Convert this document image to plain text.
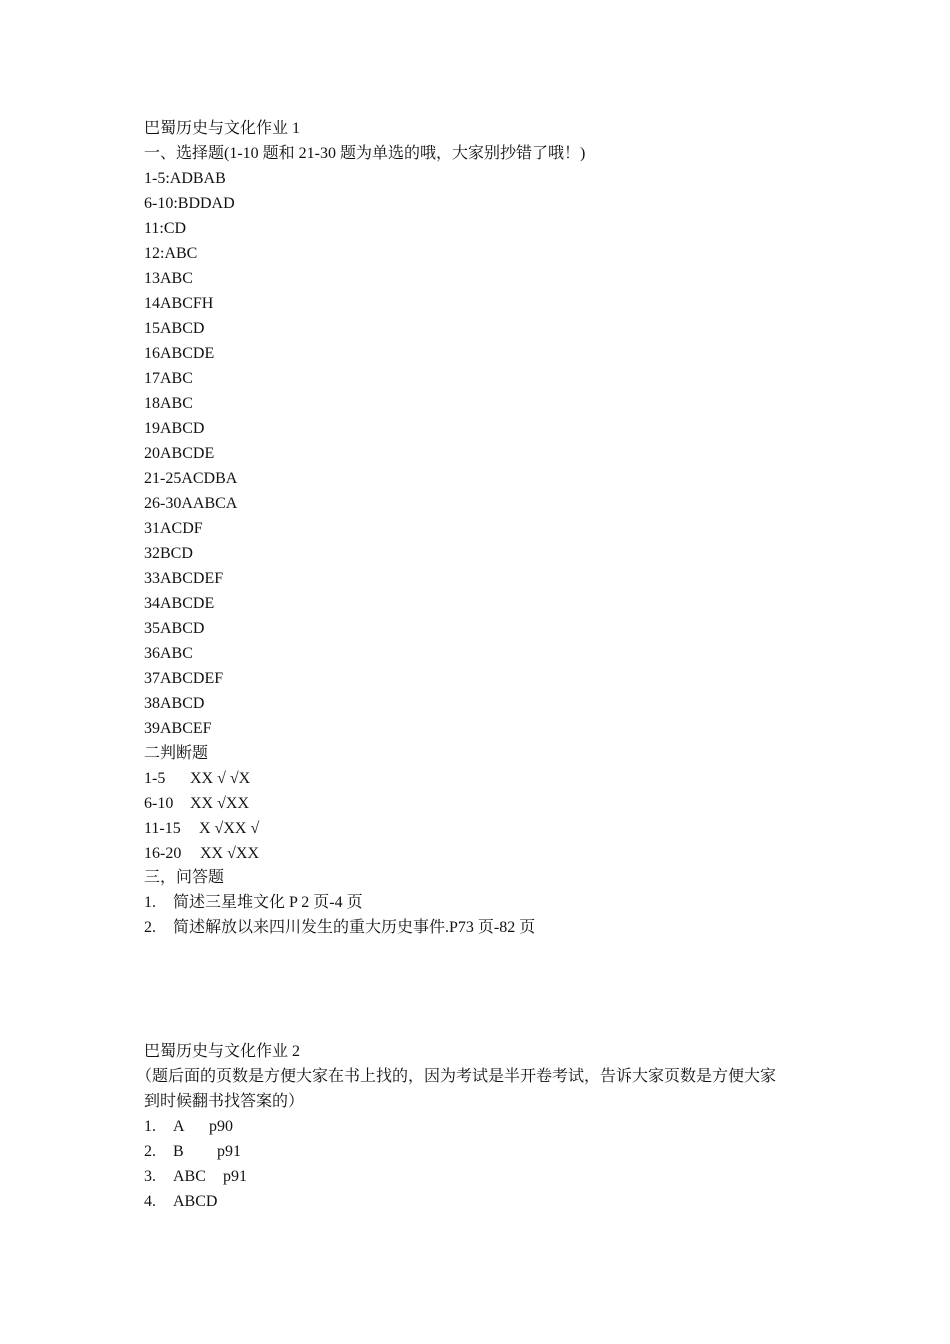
巴蜀历史与文化作业 1

一、选择题(1-10 题和 21-30 题为单选的哦，大家别抄错了哦！)

1-5:ADBAB

6-10:BDDAD

11:CD

12:ABC

13ABC

14ABCFH

15ABCD

16ABCDE

17ABC

18ABC

19ABCD

20ABCDE

21-25ACDBA

26-30AABCA

31ACDF

32BCD

33ABCDEF

34ABCDE

35ABCD

36ABC

37ABCDEF

38ABCD

39ABCEF

二判断题

1-5 XX √ √X

6-10 XX √XX

11-15 X √XX √

16-20 XX √XX

三，问答题

1. 简述三星堆文化 P 2 页-4 页

2. 简述解放以来四川发生的重大历史事件.P73 页-82 页

巴蜀历史与文化作业 2

（题后面的页数是方便大家在书上找的，因为考试是半开卷考试，告诉大家页数是方便大家

到时候翻书找答案的）

1. A p90

2. B p91

3. ABC p91

4. ABCD
